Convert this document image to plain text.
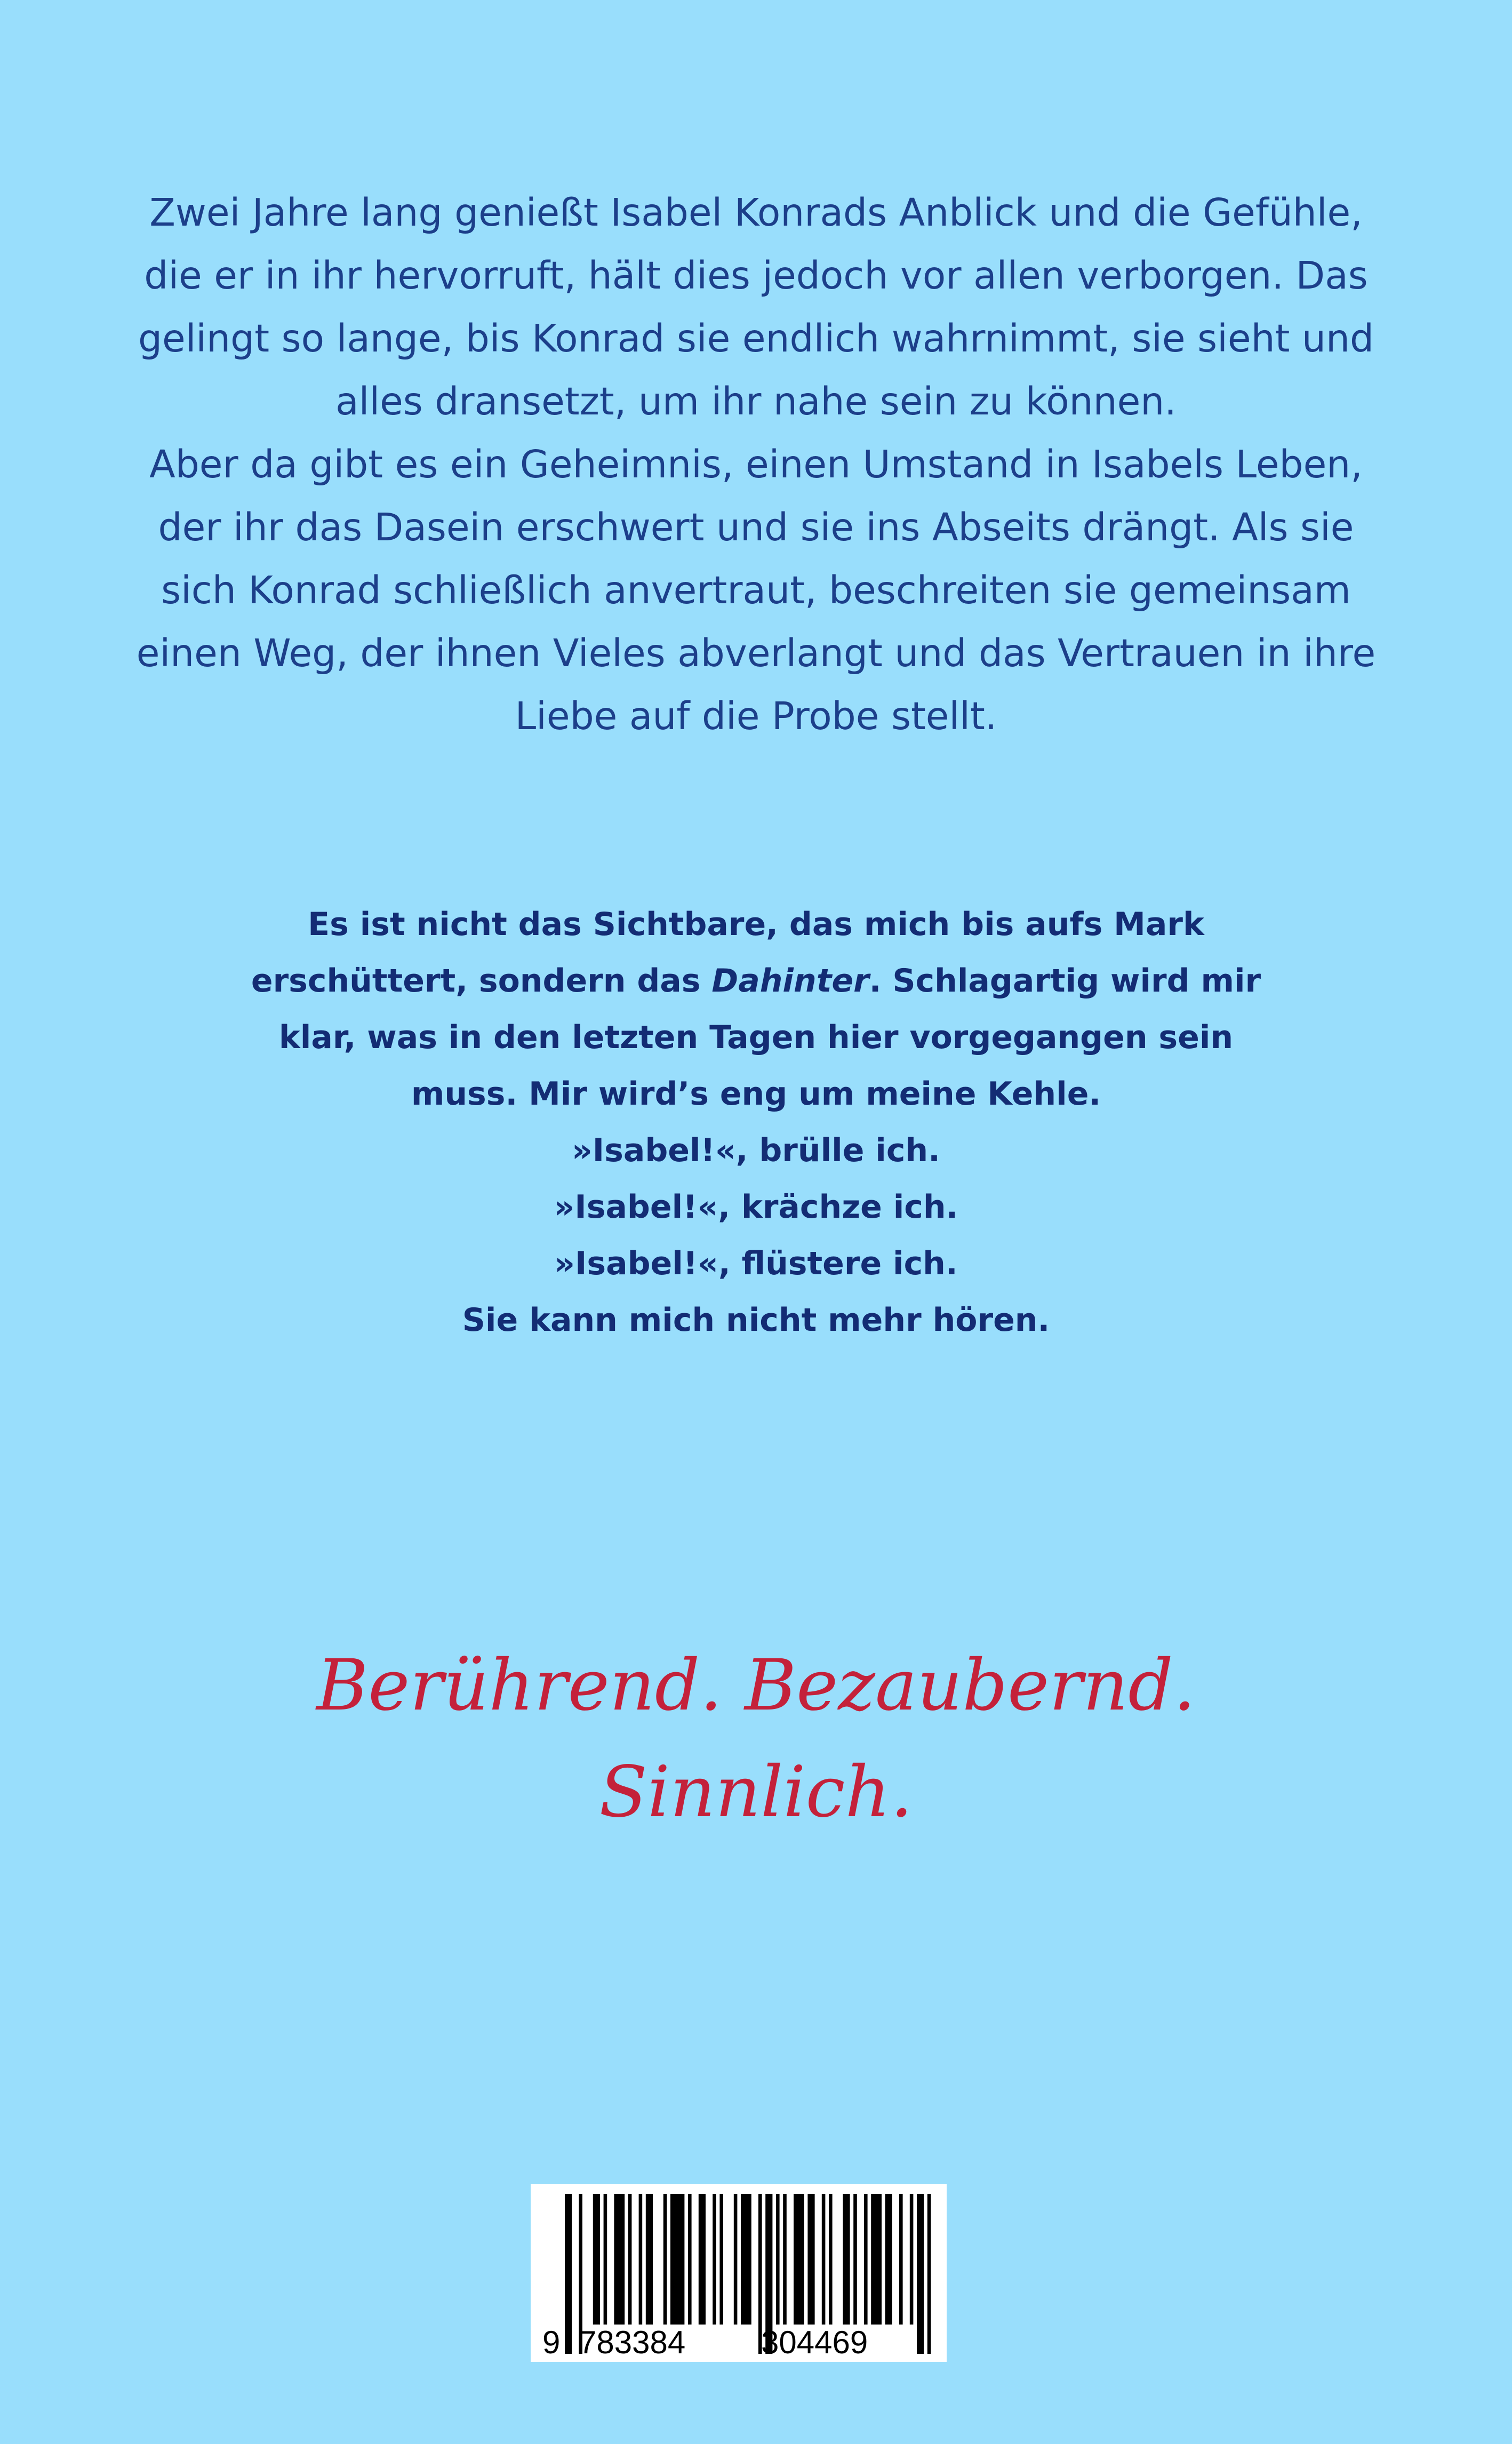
Zwei Jahre lang genießt Isabel Konrads Anblick und die Gefühle, die er in ihr hervorruft, hält dies jedoch vor allen verborgen. Das gelingt so lange, bis Konrad sie endlich wahrnimmt, sie sieht und alles dransetzt, um ihr nahe sein zu können.

Aber da gibt es ein Geheimnis, einen Umstand in Isabels Leben, der ihr das Dasein erschwert und sie ins Abseits drängt. Als sie sich Konrad schließlich anvertraut, beschreiten sie gemeinsam einen Weg, der ihnen Vieles abverlangt und das Vertrauen in ihre Liebe auf die Probe stellt.

Es ist nicht das Sichtbare, das mich bis aufs Mark erschüttert, sondern das Dahinter. Schlagartig wird mir klar, was in den letzten Tagen hier vorgegangen sein muss. Mir wird’s eng um meine Kehle.

»Isabel!«, brülle ich.

»Isabel!«, krächze ich.

»Isabel!«, flüstere ich.

Sie kann mich nicht mehr hören.

Berührend. Bezaubernd. Sinnlich.
9 783384 304469
